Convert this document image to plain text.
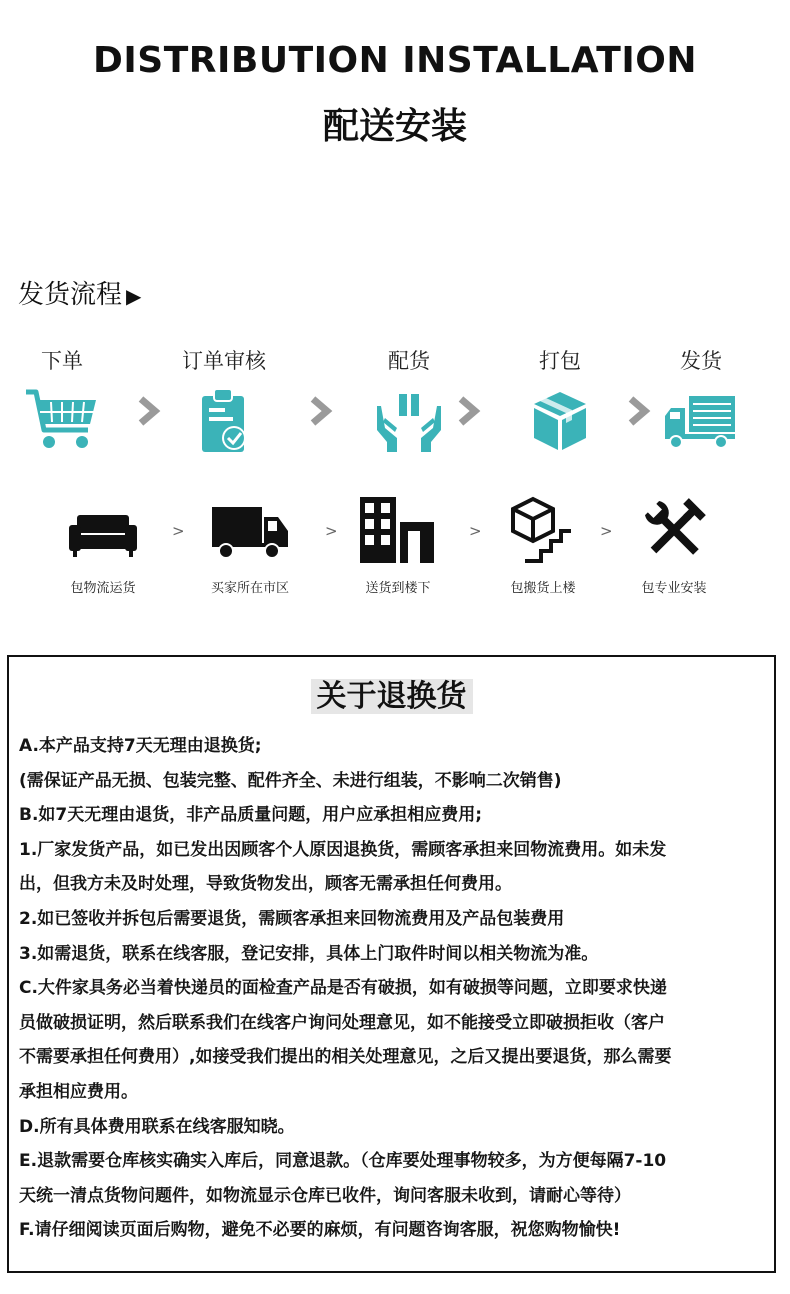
DISTRIBUTION INSTALLATION
配送安装
发货流程 ▶
下单	订单审核	配货	打包	发货
包物流运货
>
买家所在市区
>
送货到楼下
>
包搬货上楼
>
包专业安装
关于退换货
A.本产品支持7天无理由退换货;
(需保证产品无损、包装完整、配件齐全、未进行组装，不影响二次销售)
B.如7天无理由退货，非产品质量问题，用户应承担相应费用;
1.厂家发货产品，如已发出因顾客个人原因退换货，需顾客承担来回物流费用。如未发
出，但我方未及时处理，导致货物发出，顾客无需承担任何费用。
2.如已签收并拆包后需要退货，需顾客承担来回物流费用及产品包装费用
3.如需退货，联系在线客服，登记安排，具体上门取件时间以相关物流为准。
C.大件家具务必当着快递员的面检查产品是否有破损，如有破损等问题，立即要求快递
员做破损证明，然后联系我们在线客户询问处理意见，如不能接受立即破损拒收（客户
不需要承担任何费用）,如接受我们提出的相关处理意见，之后又提出要退货，那么需要
承担相应费用。
D.所有具体费用联系在线客服知晓。
E.退款需要仓库核实确实入库后，同意退款。（仓库要处理事物较多，为方便每隔7-10
天统一清点货物问题件，如物流显示仓库已收件，询问客服未收到，请耐心等待）
F.请仔细阅读页面后购物，避免不必要的麻烦，有问题咨询客服，祝您购物愉快!
